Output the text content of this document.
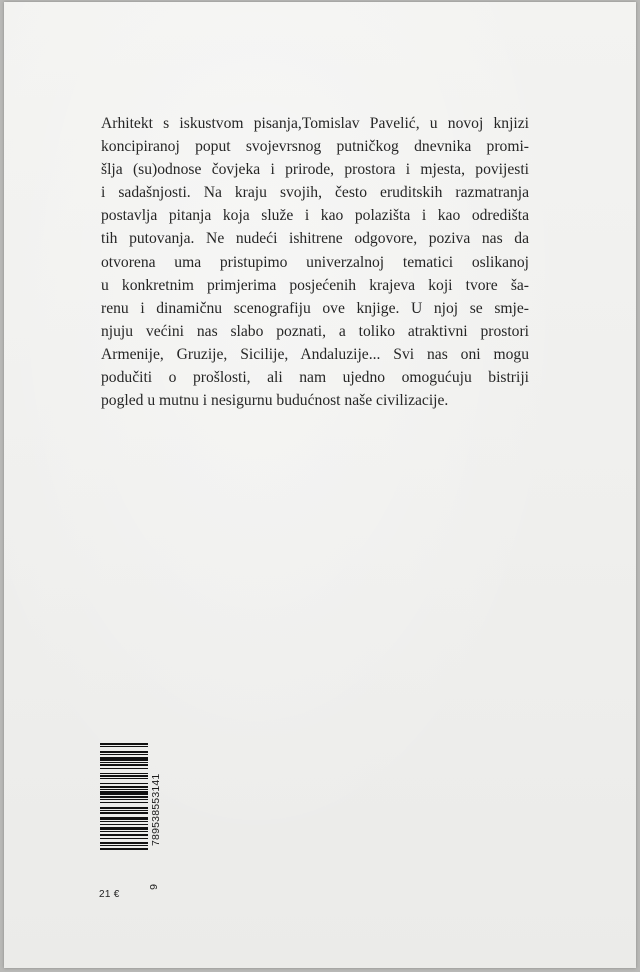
Arhitekt s iskustvom pisanja,Tomislav Pavelić, u novoj knjizi
koncipiranoj poput svojevrsnog putničkog dnevnika promi-
šlja (su)odnose čovjeka i prirode, prostora i mjesta, povijesti
i sadašnjosti. Na kraju svojih, često eruditskih razmatranja
postavlja pitanja koja služe i kao polazišta i kao odredišta
tih putovanja. Ne nudeći ishitrene odgovore, poziva nas da
otvorena uma pristupimo univerzalnoj tematici oslikanoj
u konkretnim primjerima posjećenih krajeva koji tvore ša-
renu i dinamičnu scenografiju ove knjige. U njoj se smje-
njuju većini nas slabo poznati, a toliko atraktivni prostori
Armenije, Gruzije, Sicilije, Andaluzije... Svi nas oni mogu
podučiti o prošlosti, ali nam ujedno omogućuju bistriji
pogled u mutnu i nesigurnu budućnost naše civilizacije.

789538553141
9
21 €
